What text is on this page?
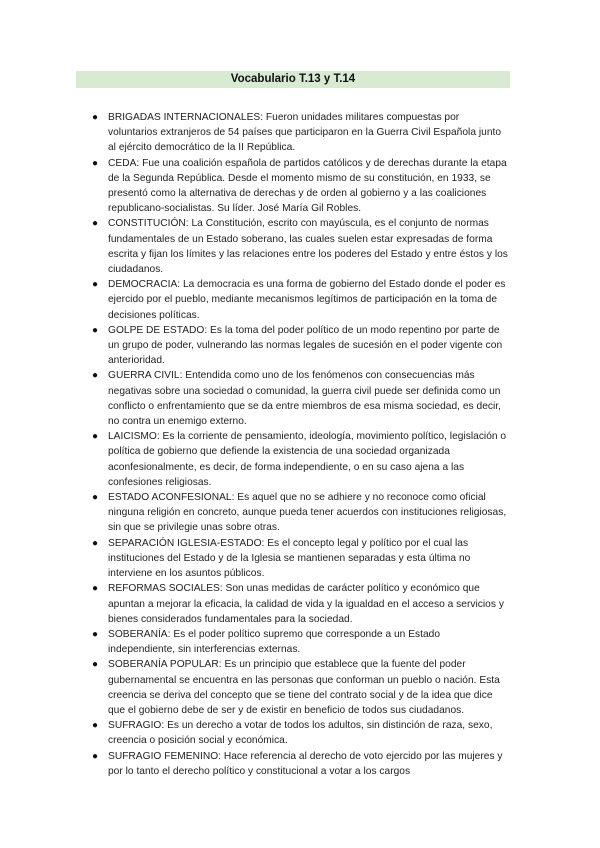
Vocabulario T.13 y T.14
● BRIGADAS INTERNACIONALES: Fueron unidades militares compuestas por voluntarios extranjeros de 54 países que participaron en la Guerra Civil Española junto al ejército democrático de la II República.
● CEDA: Fue una coalición española de partidos católicos y de derechas durante la etapa de la Segunda República. Desde el momento mismo de su constitución, en 1933, se presentó como la alternativa de derechas y de orden al gobierno y a las coaliciones republicano-socialistas. Su líder. José María Gil Robles.
● CONSTITUCIÓN: La Constitución, escrito con mayúscula, es el conjunto de normas fundamentales de un Estado soberano, las cuales suelen estar expresadas de forma escrita y fijan los límites y las relaciones entre los poderes del Estado y entre éstos y los ciudadanos.
● DEMOCRACIA: La democracia es una forma de gobierno del Estado donde el poder es ejercido por el pueblo, mediante mecanismos legítimos de participación en la toma de decisiones políticas.
● GOLPE DE ESTADO: Es la toma del poder político de un modo repentino por parte de un grupo de poder, vulnerando las normas legales de sucesión en el poder vigente con anterioridad.
● GUERRA CIVIL: Entendida como uno de los fenómenos con consecuencias más negativas sobre una sociedad o comunidad, la guerra civil puede ser definida como un conflicto o enfrentamiento que se da entre miembros de esa misma sociedad, es decir, no contra un enemigo externo.
● LAICISMO: Es la corriente de pensamiento, ideología, movimiento político, legislación o política de gobierno que defiende la existencia de una sociedad organizada aconfesionalmente, es decir, de forma independiente, o en su caso ajena a las confesiones religiosas.
● ESTADO ACONFESIONAL: Es aquel que no se adhiere y no reconoce como oficial ninguna religión en concreto, aunque pueda tener acuerdos con instituciones religiosas, sin que se privilegie unas sobre otras.
● SEPARACIÓN IGLESIA-ESTADO: Es el concepto legal y político por el cual las instituciones del Estado y de la Iglesia se mantienen separadas y esta última no interviene en los asuntos públicos.
● REFORMAS SOCIALES: Son unas medidas de carácter político y económico que apuntan a mejorar la eficacia, la calidad de vida y la igualdad en el acceso a servicios y bienes considerados fundamentales para la sociedad.
● SOBERANÍA: Es el poder político supremo que corresponde a un Estado independiente, sin interferencias externas.
● SOBERANÍA POPULAR: Es un principio que establece que la fuente del poder gubernamental se encuentra en las personas que conforman un pueblo o nación. Esta creencia se deriva del concepto que se tiene del contrato social y de la idea que dice que el gobierno debe de ser y de existir en beneficio de todos sus ciudadanos.
● SUFRAGIO: Es un derecho a votar de todos los adultos, sin distinción de raza, sexo, creencia o posición social y económica.
● SUFRAGIO FEMENINO: Hace referencia al derecho de voto ejercido por las mujeres y por lo tanto el derecho político y constitucional a votar a los cargos
